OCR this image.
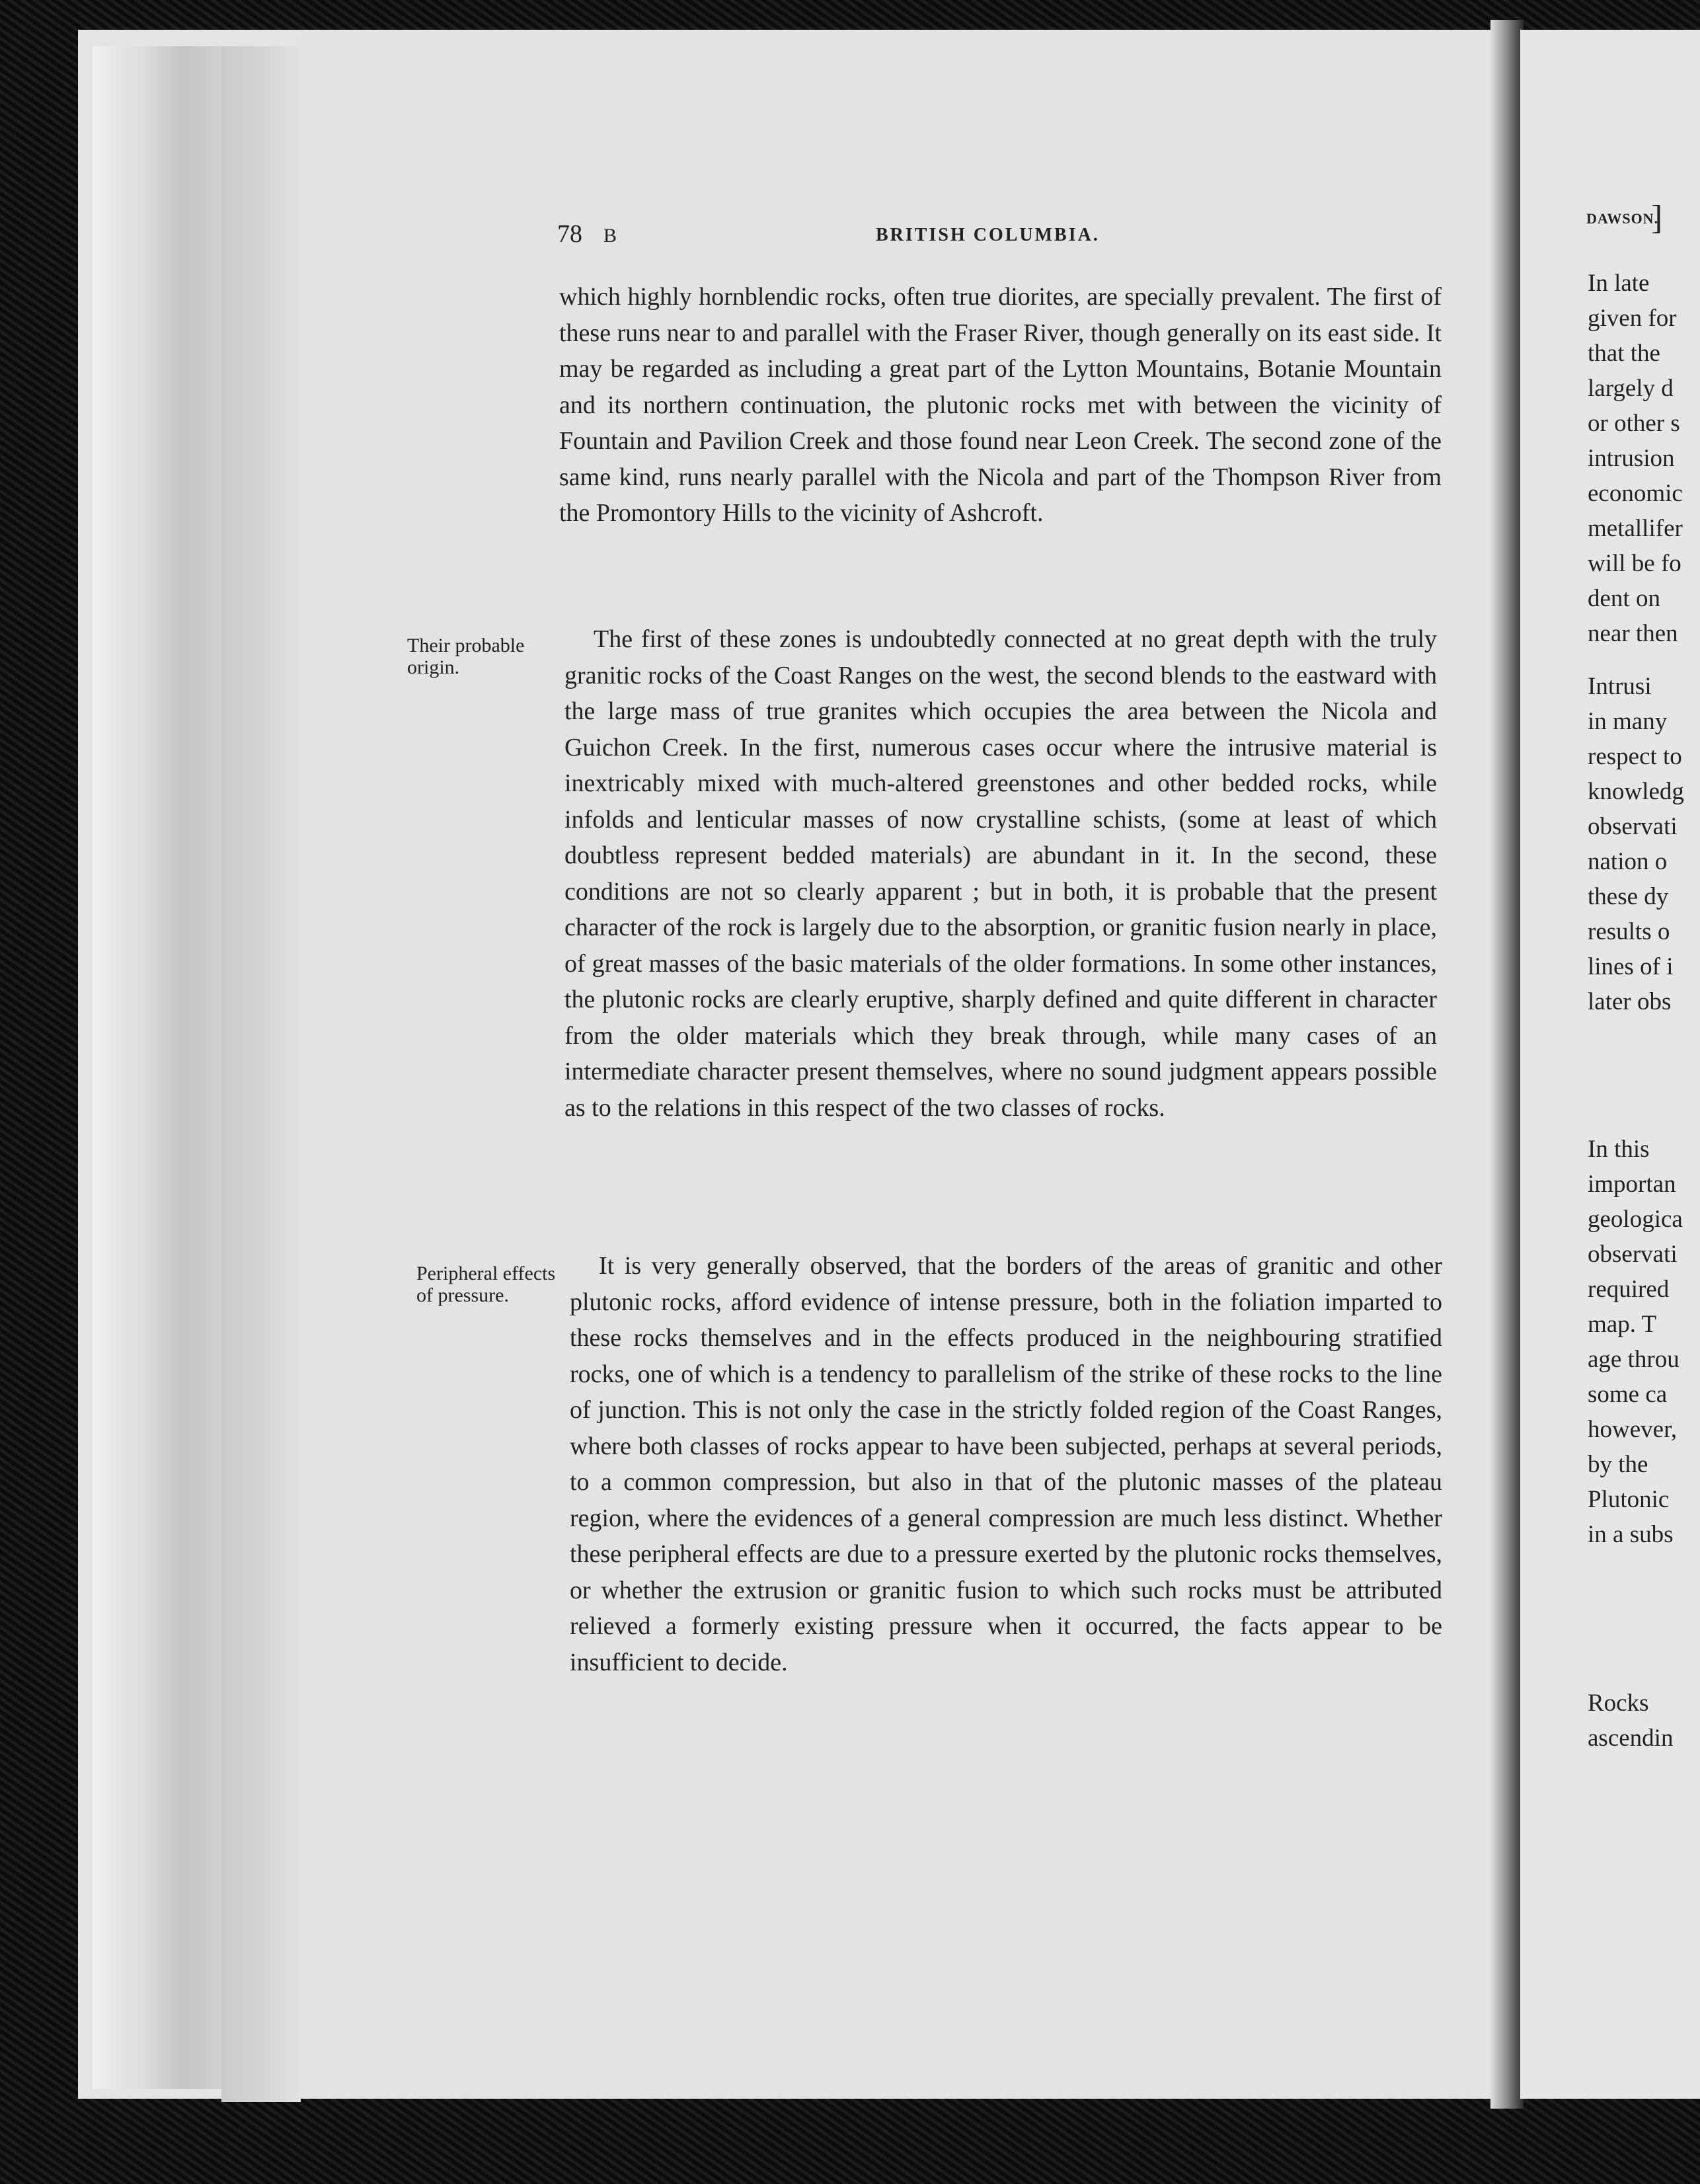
78 B	BRITISH COLUMBIA.
which highly hornblendic rocks, often true diorites, are specially prevalent. The first of these runs near to and parallel with the Fraser River, though generally on its east side. It may be regarded as including a great part of the Lytton Mountains, Botanie Mountain and its northern continuation, the plutonic rocks met with between the vicinity of Fountain and Pavilion Creek and those found near Leon Creek. The second zone of the same kind, runs nearly parallel with the Nicola and part of the Thompson River from the Promontory Hills to the vicinity of Ashcroft.
Their probable origin.
The first of these zones is undoubtedly connected at no great depth with the truly granitic rocks of the Coast Ranges on the west, the second blends to the eastward with the large mass of true granites which occupies the area between the Nicola and Guichon Creek. In the first, numerous cases occur where the intrusive material is inextricably mixed with much-altered greenstones and other bedded rocks, while infolds and lenticular masses of now crystalline schists, (some at least of which doubtless represent bedded materials) are abundant in it. In the second, these conditions are not so clearly apparent ; but in both, it is probable that the present character of the rock is largely due to the absorption, or granitic fusion nearly in place, of great masses of the basic materials of the older formations. In some other instances, the plutonic rocks are clearly eruptive, sharply defined and quite different in character from the older materials which they break through, while many cases of an intermediate character present themselves, where no sound judgment appears possible as to the relations in this respect of the two classes of rocks.
Peripheral effects of pressure.
It is very generally observed, that the borders of the areas of granitic and other plutonic rocks, afford evidence of intense pressure, both in the foliation imparted to these rocks themselves and in the effects produced in the neighbouring stratified rocks, one of which is a tendency to parallelism of the strike of these rocks to the line of junction. This is not only the case in the strictly folded region of the Coast Ranges, where both classes of rocks appear to have been subjected, perhaps at several periods, to a common compression, but also in that of the plutonic masses of the plateau region, where the evidences of a general compression are much less distinct. Whether these peripheral effects are due to a pressure exerted by the plutonic rocks themselves, or whether the extrusion or granitic fusion to which such rocks must be attributed relieved a formerly existing pressure when it occurred, the facts appear to be insufficient to decide.
DAWSON.
]
In late
given for
that the
largely d
or other s
intrusion
economic
metallifer
will be fo
dent on
near then
Intrusi
in many
respect to
knowledg
observati
nation o
these dy
results o
lines of i
later obs
In this
importan
geologica
observati
required
map. T
age throu
some ca
however,
by the
Plutonic
in a subs
Rocks
ascendin
